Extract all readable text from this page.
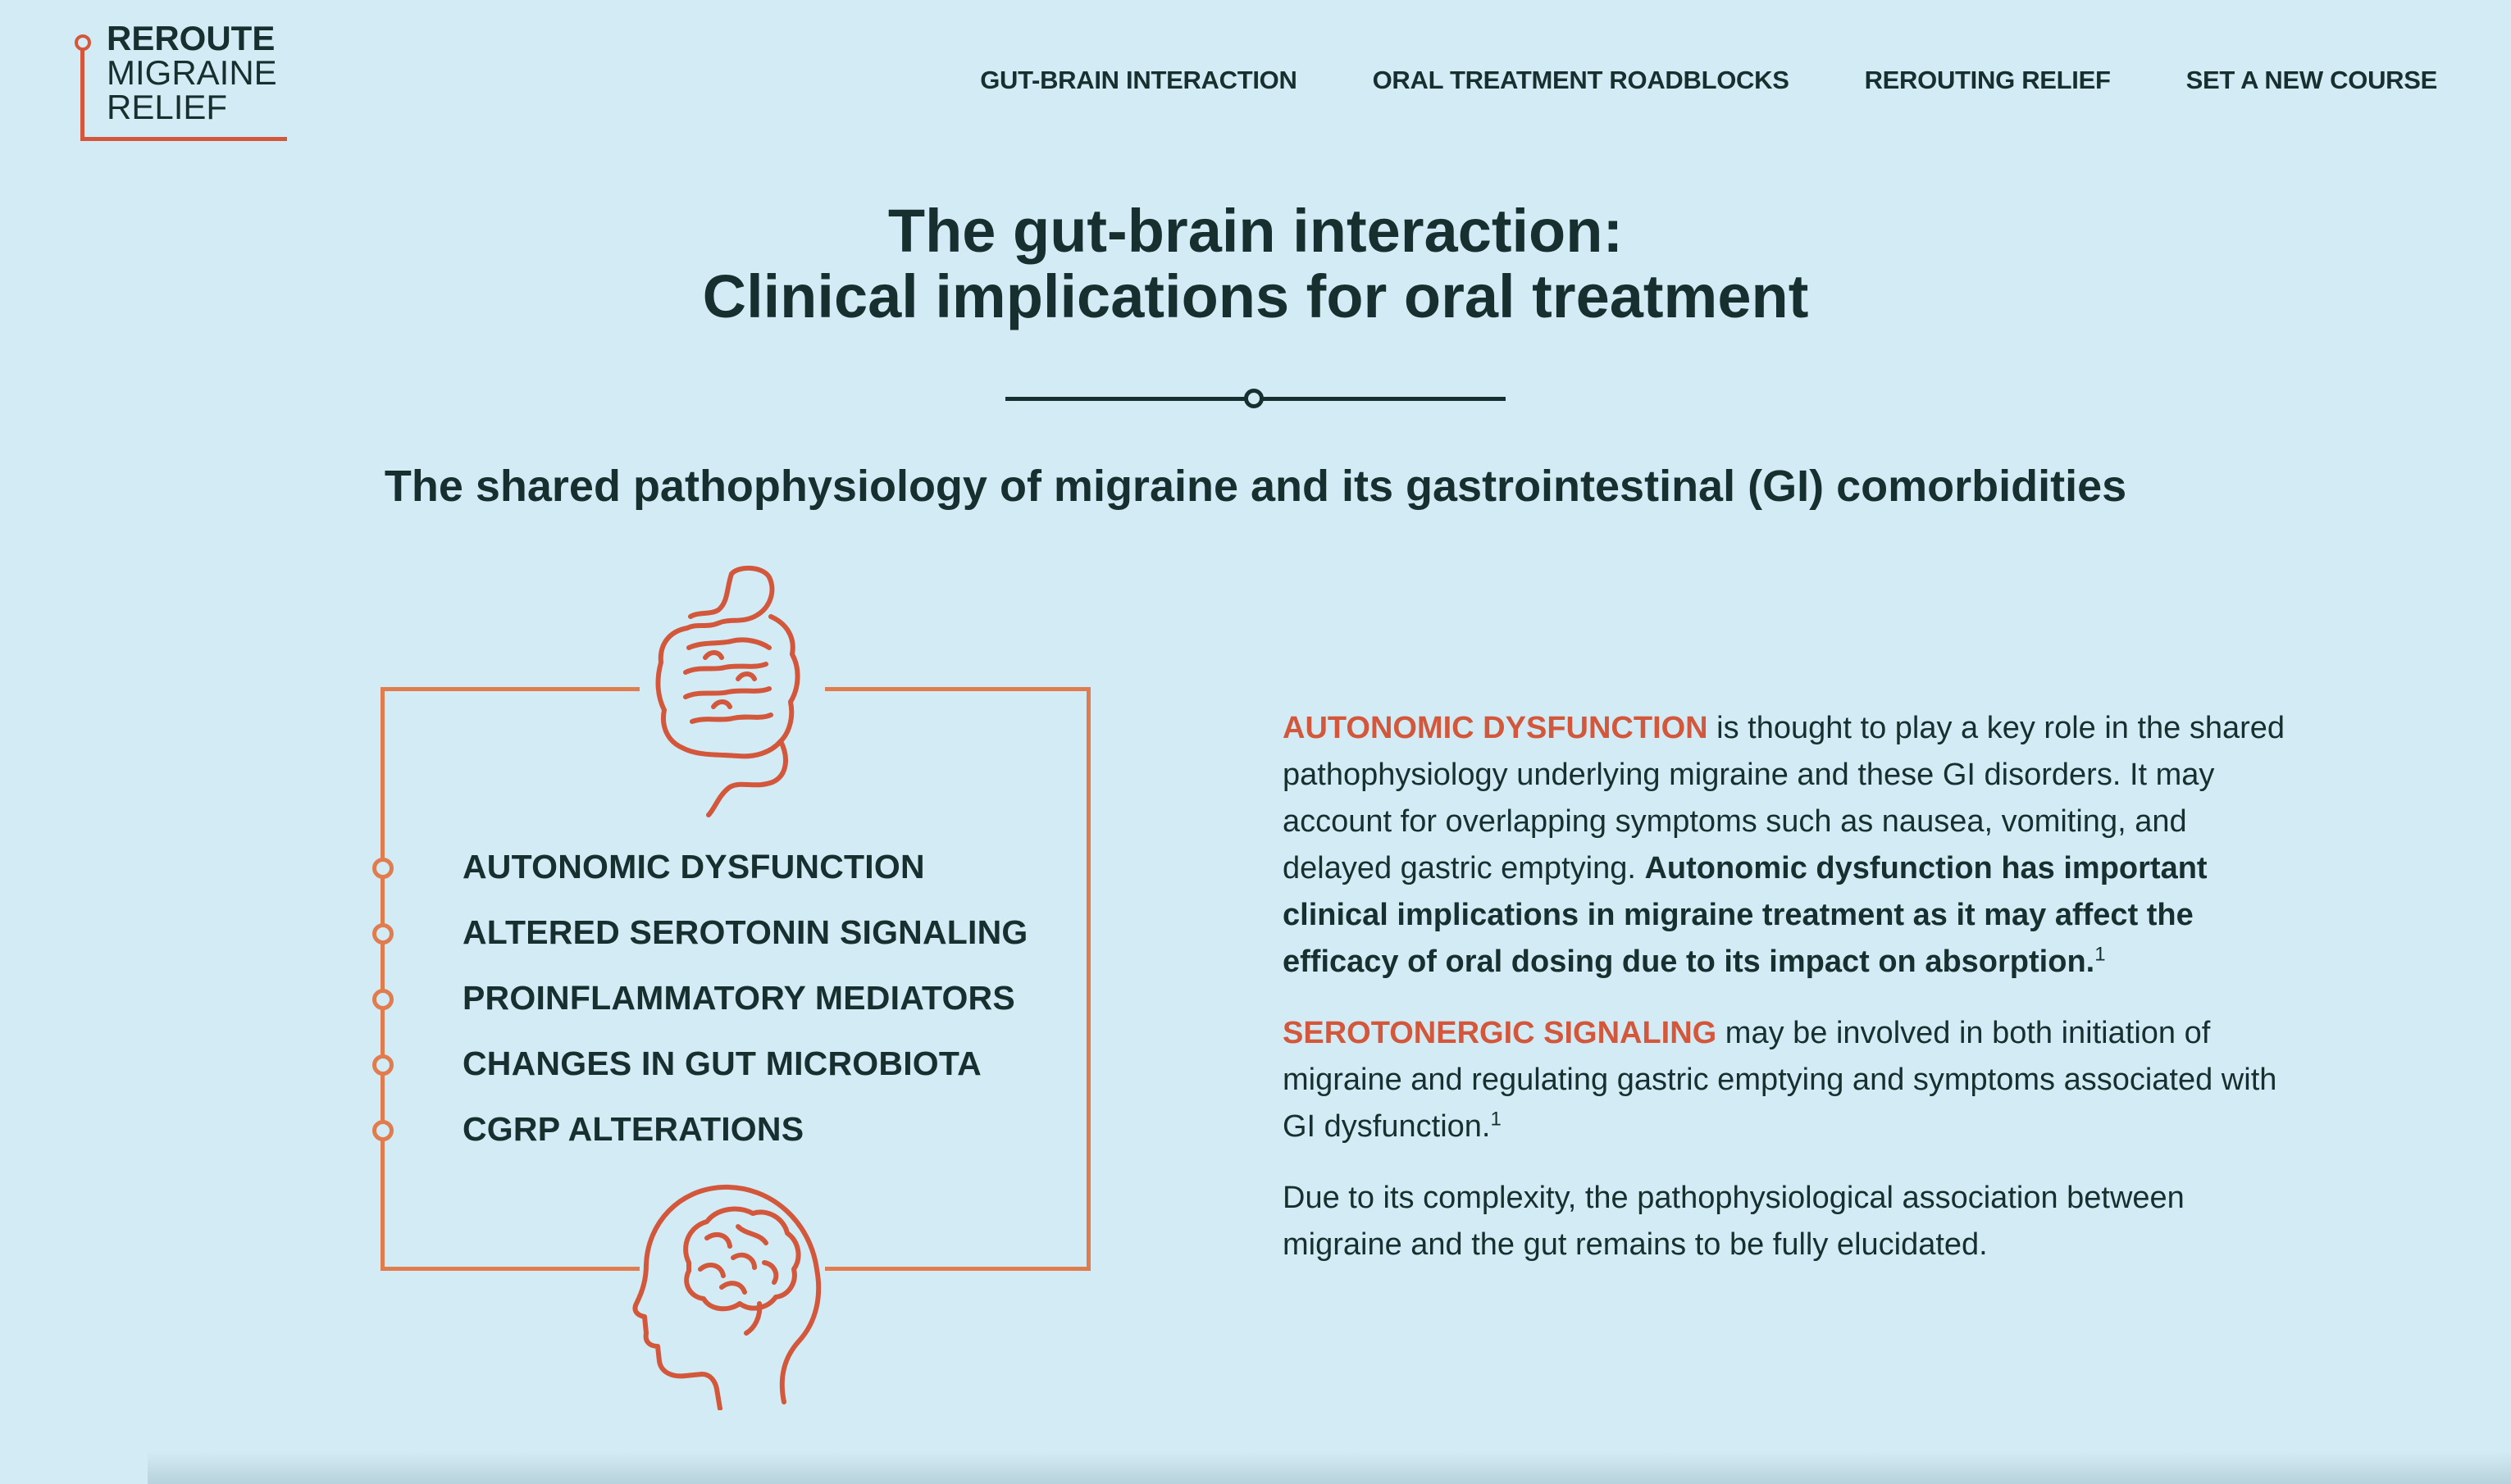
REROUTE
MIGRAINE
RELIEF
GUT-BRAIN INTERACTION	ORAL TREATMENT ROADBLOCKS	REROUTING RELIEF	SET A NEW COURSE
The gut-brain interaction:
Clinical implications for oral treatment
The shared pathophysiology of migraine and its gastrointestinal (GI) comorbidities
AUTONOMIC DYSFUNCTION
ALTERED SEROTONIN SIGNALING
PROINFLAMMATORY MEDIATORS
CHANGES IN GUT MICROBIOTA
CGRP ALTERATIONS

AUTONOMIC DYSFUNCTION is thought to play a key role in the shared pathophysiology underlying migraine and these GI disorders. It may account for overlapping symptoms such as nausea, vomiting, and delayed gastric emptying. Autonomic dysfunction has important clinical implications in migraine treatment as it may affect the efficacy of oral dosing due to its impact on absorption.$^1$

SEROTONERGIC SIGNALING may be involved in both initiation of migraine and regulating gastric emptying and symptoms associated with GI dysfunction.$^1$

Due to its complexity, the pathophysiological association between migraine and the gut remains to be fully elucidated.
